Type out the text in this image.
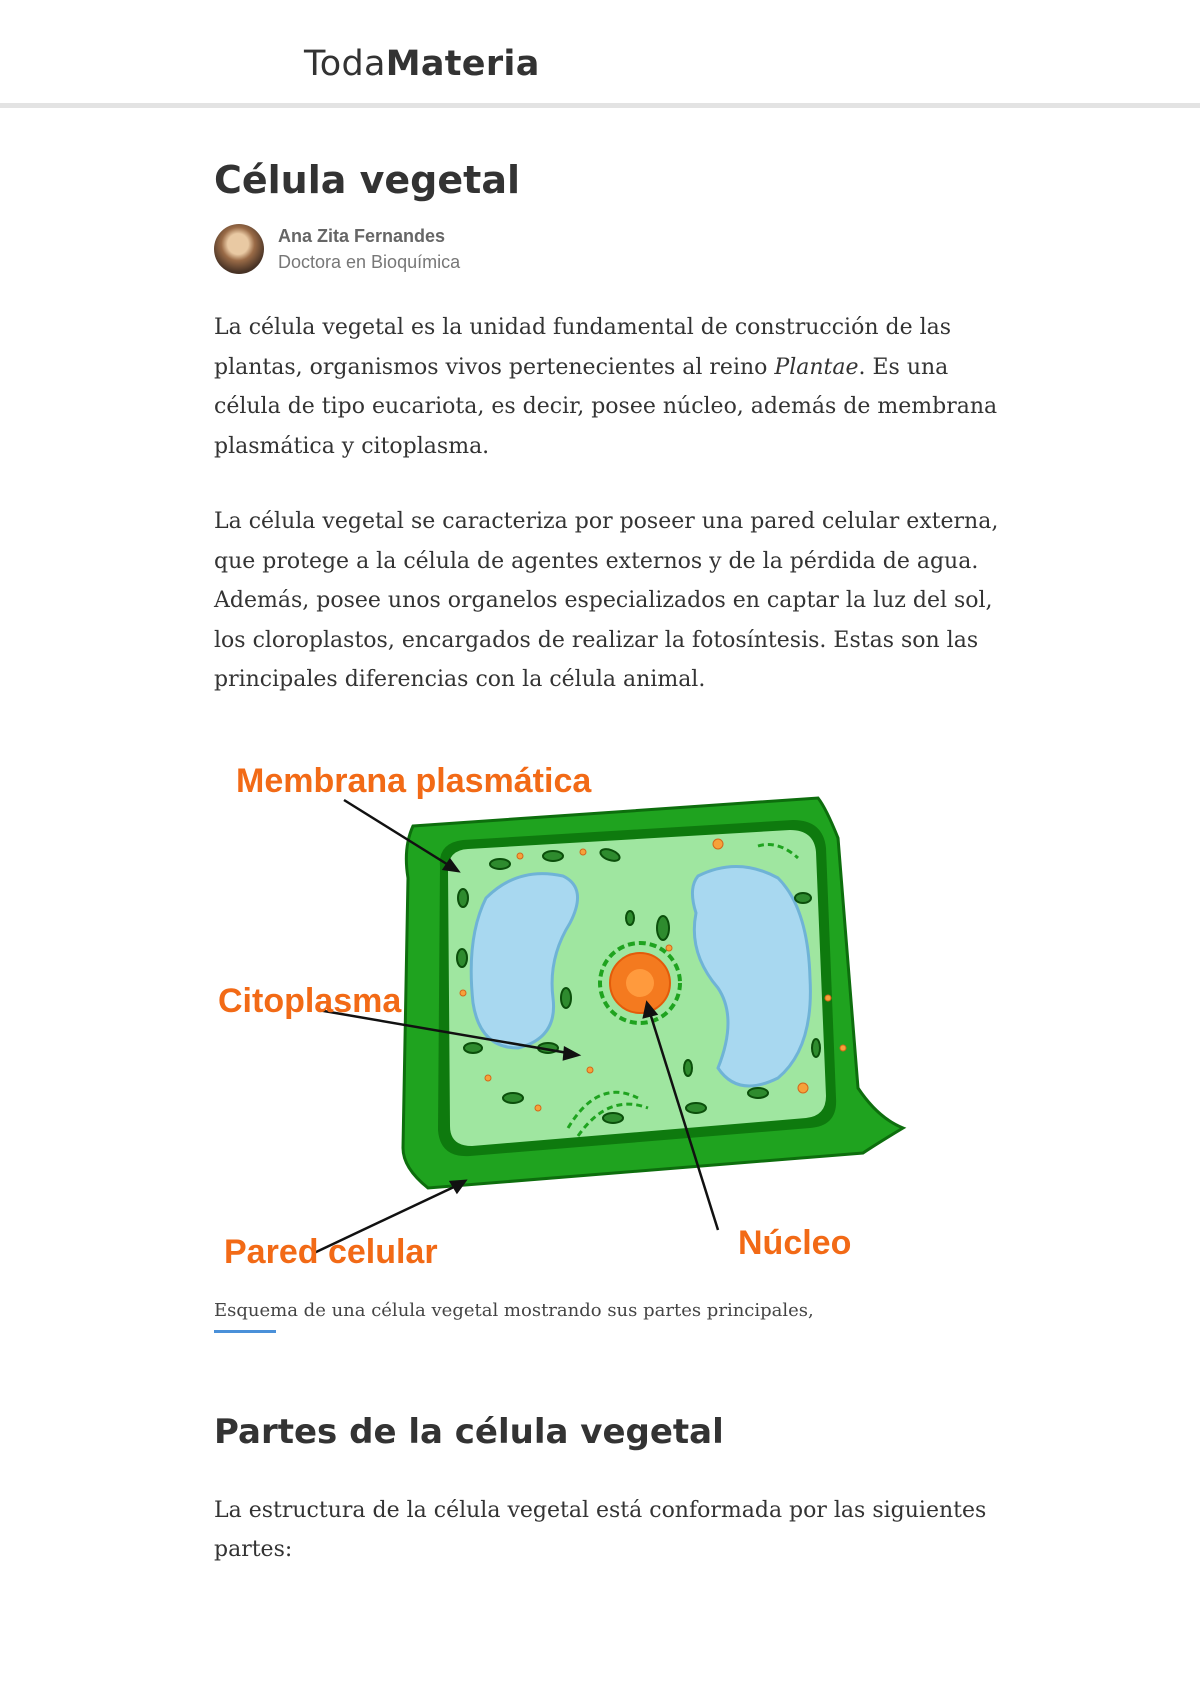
TodaMateria
Célula vegetal
Ana Zita Fernandes
Doctora en Bioquímica

La célula vegetal es la unidad fundamental de construcción de las plantas, organismos vivos pertenecientes al reino Plantae. Es una célula de tipo eucariota, es decir, posee núcleo, además de membrana plasmática y citoplasma.

La célula vegetal se caracteriza por poseer una pared celular externa, que protege a la célula de agentes externos y de la pérdida de agua. Además, posee unos organelos especializados en captar la luz del sol, los cloroplastos, encargados de realizar la fotosíntesis. Estas son las principales diferencias con la célula animal.

Membrana plasmática
Citoplasma
Pared celular	Núcleo
Esquema de una célula vegetal mostrando sus partes principales,
Partes de la célula vegetal

La estructura de la célula vegetal está conformada por las siguientes partes:
